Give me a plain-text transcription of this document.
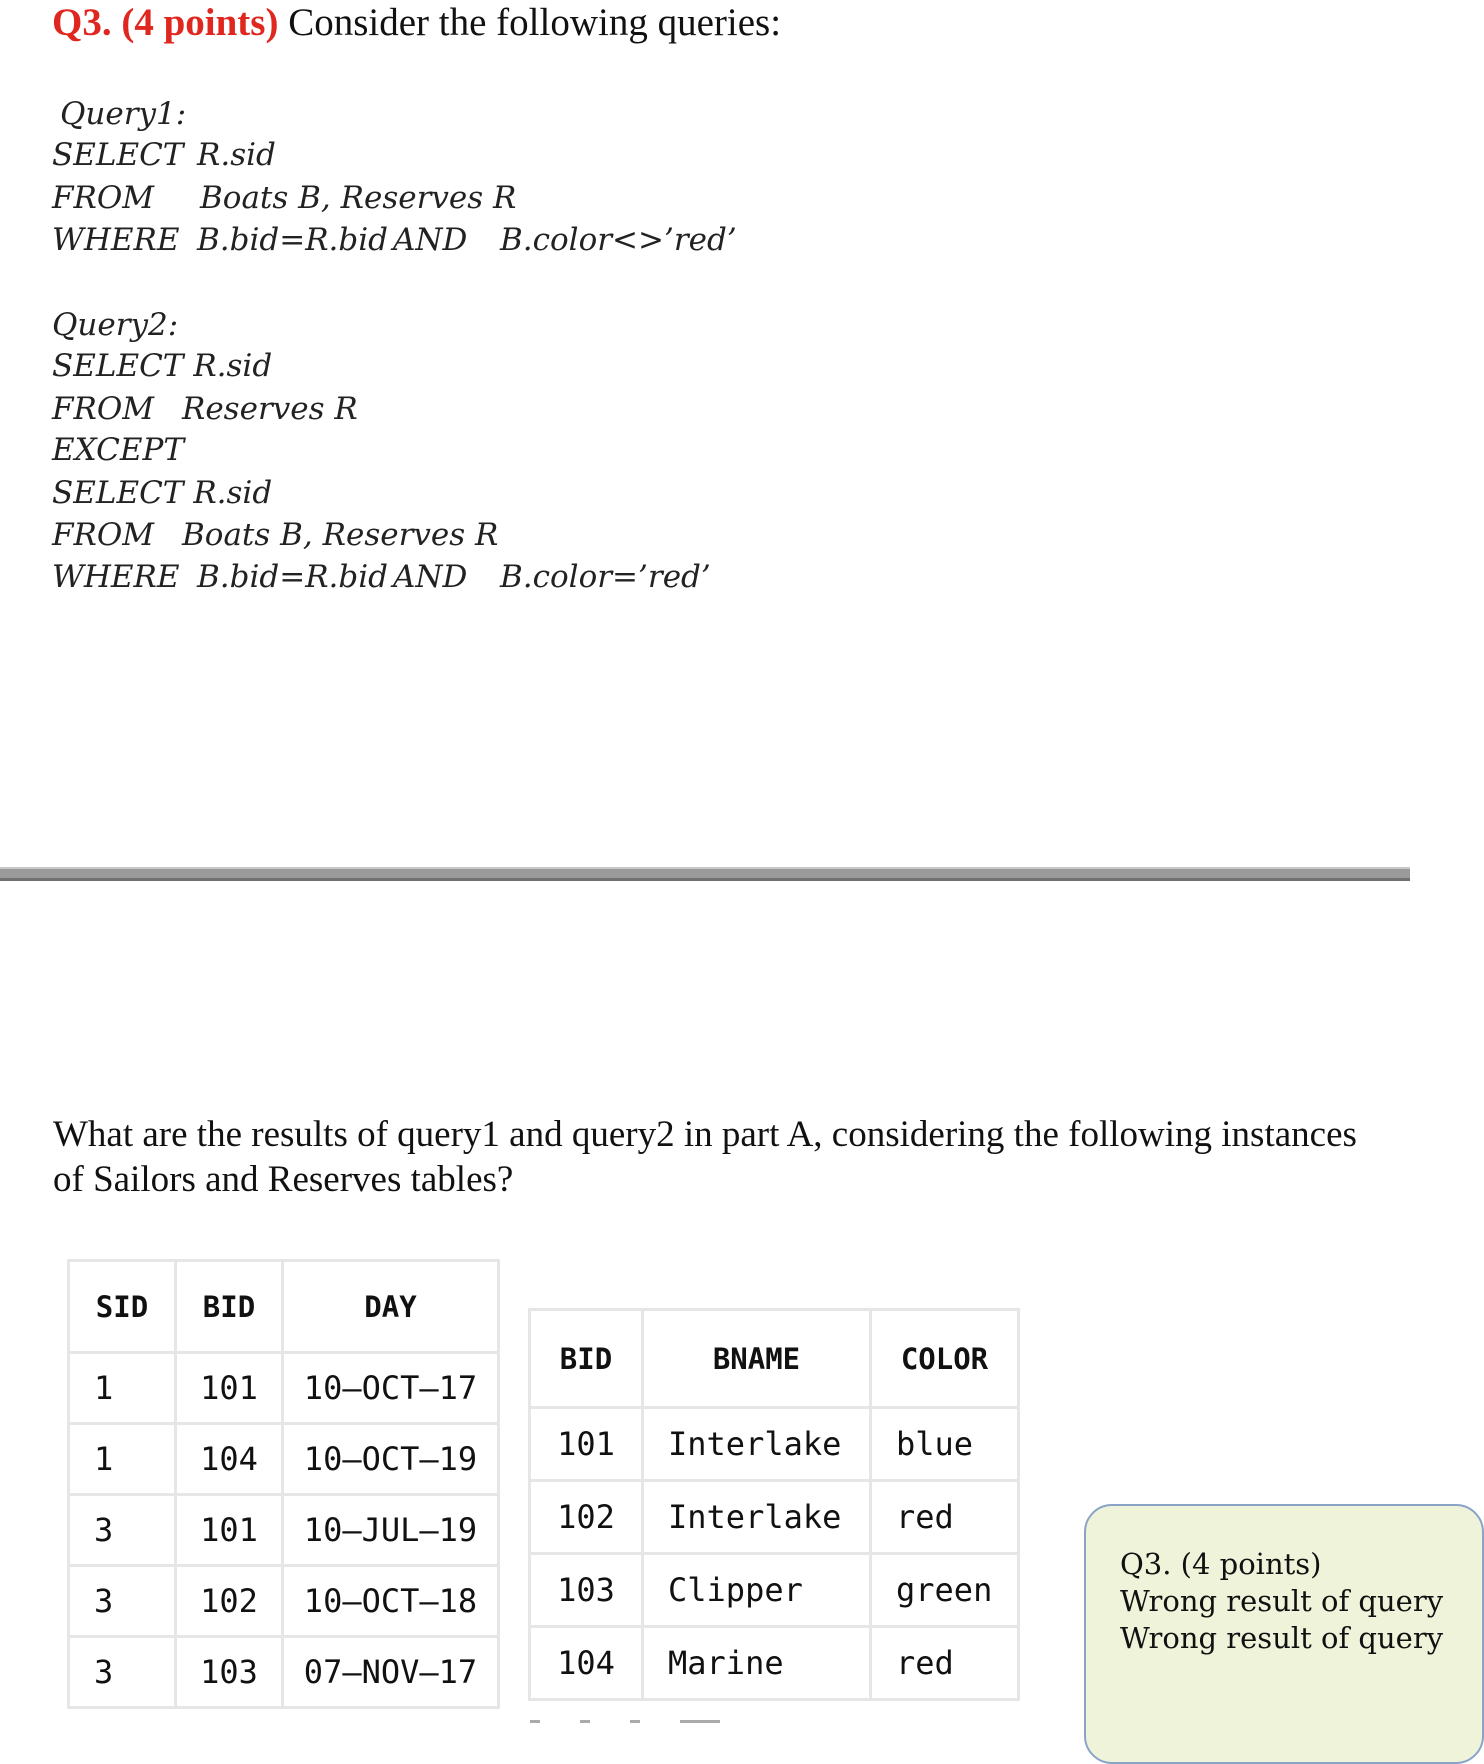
Q3. (4 points) Consider the following queries:
Query1:
SELECT R.sid
FROM Boats B, Reserves R
WHERE B.bid=R.bid AND B.color<>’red’
Query2:
SELECT R.sid
FROM Reserves R
EXCEPT
SELECT R.sid
FROM Boats B, Reserves R
WHERE B.bid=R.bid AND B.color=’red’
What are the results of query1 and query2 in part A, considering the following instances
of Sailors and Reserves tables?
SID	BID	DAY
1	101	10–OCT–17
1	104	10–OCT–19
3	101	10–JUL–19
3	102	10–OCT–18
3	103	07–NOV–17
BID	BNAME	COLOR
101	Interlake	blue
102	Interlake	red
103	Clipper	green
104	Marine	red
Q3. (4 points)
Wrong result of query
Wrong result of query
